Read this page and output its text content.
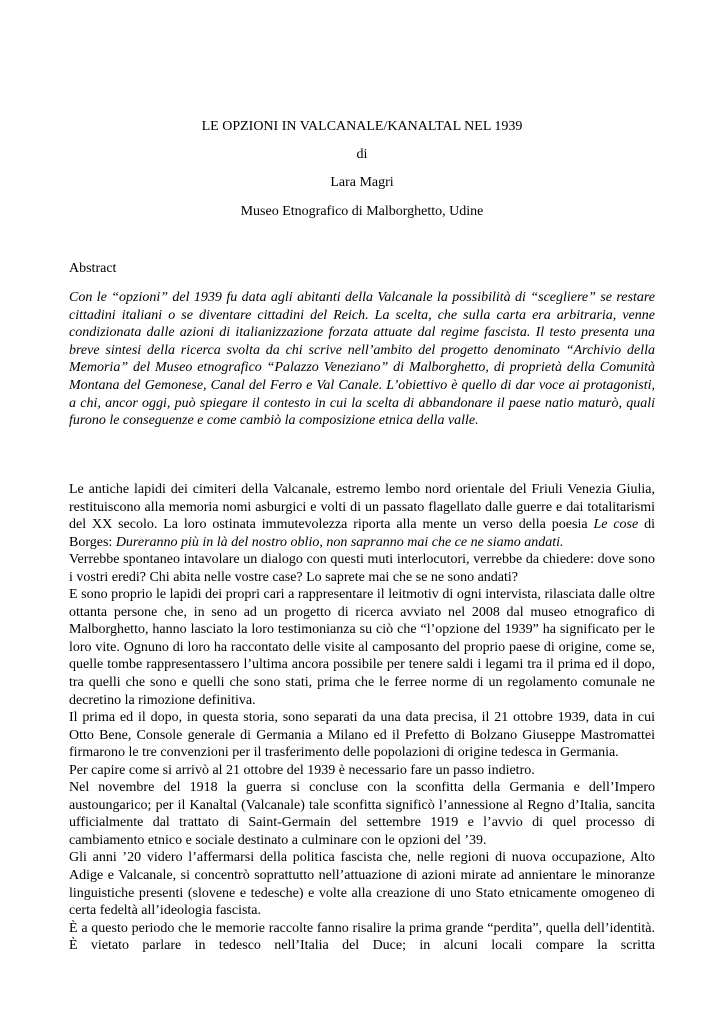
LE OPZIONI IN VALCANALE/KANALTAL NEL 1939
di
Lara Magri
Museo Etnografico di Malborghetto, Udine
Abstract
Con le “opzioni” del 1939 fu data agli abitanti della Valcanale la possibilità di “scegliere” se restare cittadini italiani o se diventare cittadini del Reich. La scelta, che sulla carta era arbitraria, venne condizionata dalle azioni di italianizzazione forzata attuate dal regime fascista. Il testo presenta una breve sintesi della ricerca svolta da chi scrive nell’ambito del progetto denominato “Archivio della Memoria” del Museo etnografico “Palazzo Veneziano” di Malborghetto, di proprietà della Comunità Montana del Gemonese, Canal del Ferro e Val Canale. L’obiettivo è quello di dar voce ai protagonisti, a chi, ancor oggi, può spiegare il contesto in cui la scelta di abbandonare il paese natio maturò, quali furono le conseguenze e come cambiò la composizione etnica della valle.

Le antiche lapidi dei cimiteri della Valcanale, estremo lembo nord orientale del Friuli Venezia Giulia, restituiscono alla memoria nomi asburgici e volti di un passato flagellato dalle guerre e dai totalitarismi del XX secolo. La loro ostinata immutevolezza riporta alla mente un verso della poesia Le cose di Borges: Dureranno più in là del nostro oblio, non sapranno mai che ce ne siamo andati.

Verrebbe spontaneo intavolare un dialogo con questi muti interlocutori, verrebbe da chiedere: dove sono i vostri eredi? Chi abita nelle vostre case? Lo saprete mai che se ne sono andati?

E sono proprio le lapidi dei propri cari a rappresentare il leitmotiv di ogni intervista, rilasciata dalle oltre ottanta persone che, in seno ad un progetto di ricerca avviato nel 2008 dal museo etnografico di Malborghetto, hanno lasciato la loro testimonianza su ciò che “l’opzione del 1939” ha significato per le loro vite. Ognuno di loro ha raccontato delle visite al camposanto del proprio paese di origine, come se, quelle tombe rappresentassero l’ultima ancora possibile per tenere saldi i legami tra il prima ed il dopo, tra quelli che sono e quelli che sono stati, prima che le ferree norme di un regolamento comunale ne decretino la rimozione definitiva.

Il prima ed il dopo, in questa storia, sono separati da una data precisa, il 21 ottobre 1939, data in cui Otto Bene, Console generale di Germania a Milano ed il Prefetto di Bolzano Giuseppe Mastromattei firmarono le tre convenzioni per il trasferimento delle popolazioni di origine tedesca in Germania.

Per capire come si arrivò al 21 ottobre del 1939 è necessario fare un passo indietro.

Nel novembre del 1918 la guerra si concluse con la sconfitta della Germania e dell’Impero austoungarico; per il Kanaltal (Valcanale) tale sconfitta significò l’annessione al Regno d’Italia, sancita ufficialmente dal trattato di Saint-Germain del settembre 1919 e l’avvio di quel processo di cambiamento etnico e sociale destinato a culminare con le opzioni del ’39.

Gli anni ’20 videro l’affermarsi della politica fascista che, nelle regioni di nuova occupazione, Alto Adige e Valcanale, si concentrò soprattutto nell’attuazione di azioni mirate ad annientare le minoranze linguistiche presenti (slovene e tedesche) e volte alla creazione di uno Stato etnicamente omogeneo di certa fedeltà all’ideologia fascista.

È a questo periodo che le memorie raccolte fanno risalire la prima grande “perdita”, quella dell’identità. È vietato parlare in tedesco nell’Italia del Duce; in alcuni locali compare la scritta
